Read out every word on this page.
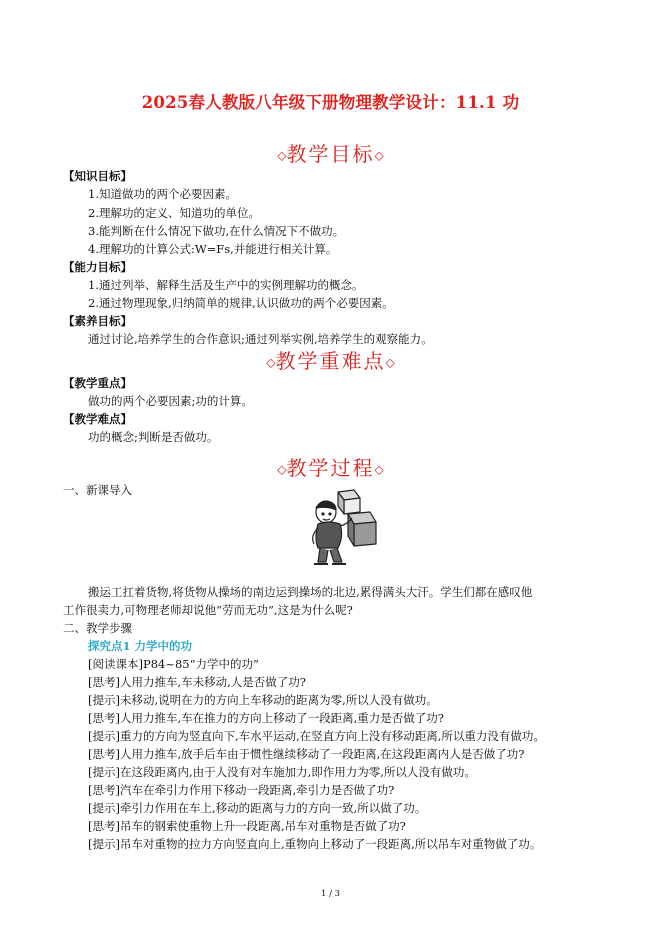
2025春人教版八年级下册物理教学设计：11.1 功
◇教学目标◇
【知识目标】
1.知道做功的两个必要因素。
2.理解功的定义、知道功的单位。
3.能判断在什么情况下做功,在什么情况下不做功。
4.理解功的计算公式:W=Fs,并能进行相关计算。
【能力目标】
1.通过列举、解释生活及生产中的实例理解功的概念。
2.通过物理现象,归纳简单的规律,认识做功的两个必要因素。
【素养目标】
通过讨论,培养学生的合作意识;通过列举实例,培养学生的观察能力。
◇教学重难点◇
【教学重点】
做功的两个必要因素;功的计算。
【教学难点】
功的概念;判断是否做功。
◇教学过程◇
一、新课导入
搬运工扛着货物,将货物从操场的南边运到操场的北边,累得满头大汗。学生们都在感叹他
工作很卖力,可物理老师却说他“劳而无功”,这是为什么呢?
二、教学步骤
探究点1 力学中的功
[阅读课本]P84~85“力学中的功”
[思考]人用力推车,车未移动,人是否做了功?
[提示]未移动,说明在力的方向上车移动的距离为零,所以人没有做功。
[思考]人用力推车,车在推力的方向上移动了一段距离,重力是否做了功?
[提示]重力的方向为竖直向下,车水平运动,在竖直方向上没有移动距离,所以重力没有做功。
[思考]人用力推车,放手后车由于惯性继续移动了一段距离,在这段距离内人是否做了功?
[提示]在这段距离内,由于人没有对车施加力,即作用力为零,所以人没有做功。
[思考]汽车在牵引力作用下移动一段距离,牵引力是否做了功?
[提示]牵引力作用在车上,移动的距离与力的方向一致,所以做了功。
[思考]吊车的钢索使重物上升一段距离,吊车对重物是否做了功?
[提示]吊车对重物的拉力方向竖直向上,重物向上移动了一段距离,所以吊车对重物做了功。
1 / 3
